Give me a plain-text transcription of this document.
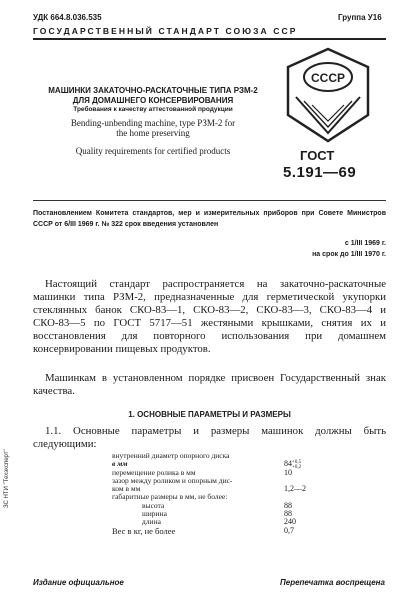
УДК 664.8.036.535	Группа У16
ГОСУДАРСТВЕННЫЙ СТАНДАРТ СОЮЗА ССР
СССР
МАШИНКИ ЗАКАТОЧНО-РАСКАТОЧНЫЕ ТИПА РЗМ-2
ДЛЯ ДОМАШНЕГО КОНСЕРВИРОВАНИЯ
Требования к качеству аттестованной продукции
Bending-unbending machine, type РЗМ-2 for
the home preserving
Quality requirements for certified products	ГОСТ
5.191—69
Постановлением Комитета стандартов, мер и измерительных приборов при Совете Министров СССР от 6/III 1969 г. № 322 срок введения установлен
с 1/III 1969 г.
на срок до 1/III 1970 г.
Настоящий стандарт распространяется на закаточно-раскаточные машинки типа РЗМ-2, предназначенные для герметической укупорки стеклянных банок СКО-83—1, СКО-83—2, СКО-83—3, СКО-83—4 и СКО-83—5 по ГОСТ 5717—51 жестяными крышками, снятия их и восстановления для повторного использования при домашнем консервировании пищевых продуктов.
Машинкам в установленном порядке присвоен Государственный знак качества.
1. ОСНОВНЫЕ ПАРАМЕТРЫ И РАЗМЕРЫ
1.1. Основные параметры и размеры машинок должны быть следующими:
внутренний диаметр опорного диска
в мм	84+0,5
+0,2
перемещение ролика в мм	10
зазор между роликом и опорным дис-
ком в мм	1,2—2
габаритные размеры в мм, не более:
высота	88
ширина	88
длина	240
Вес в кг, не более	0,7
Издание официальное	Перепечатка воспрещена
ЗС НТИ "Техэксперт"
